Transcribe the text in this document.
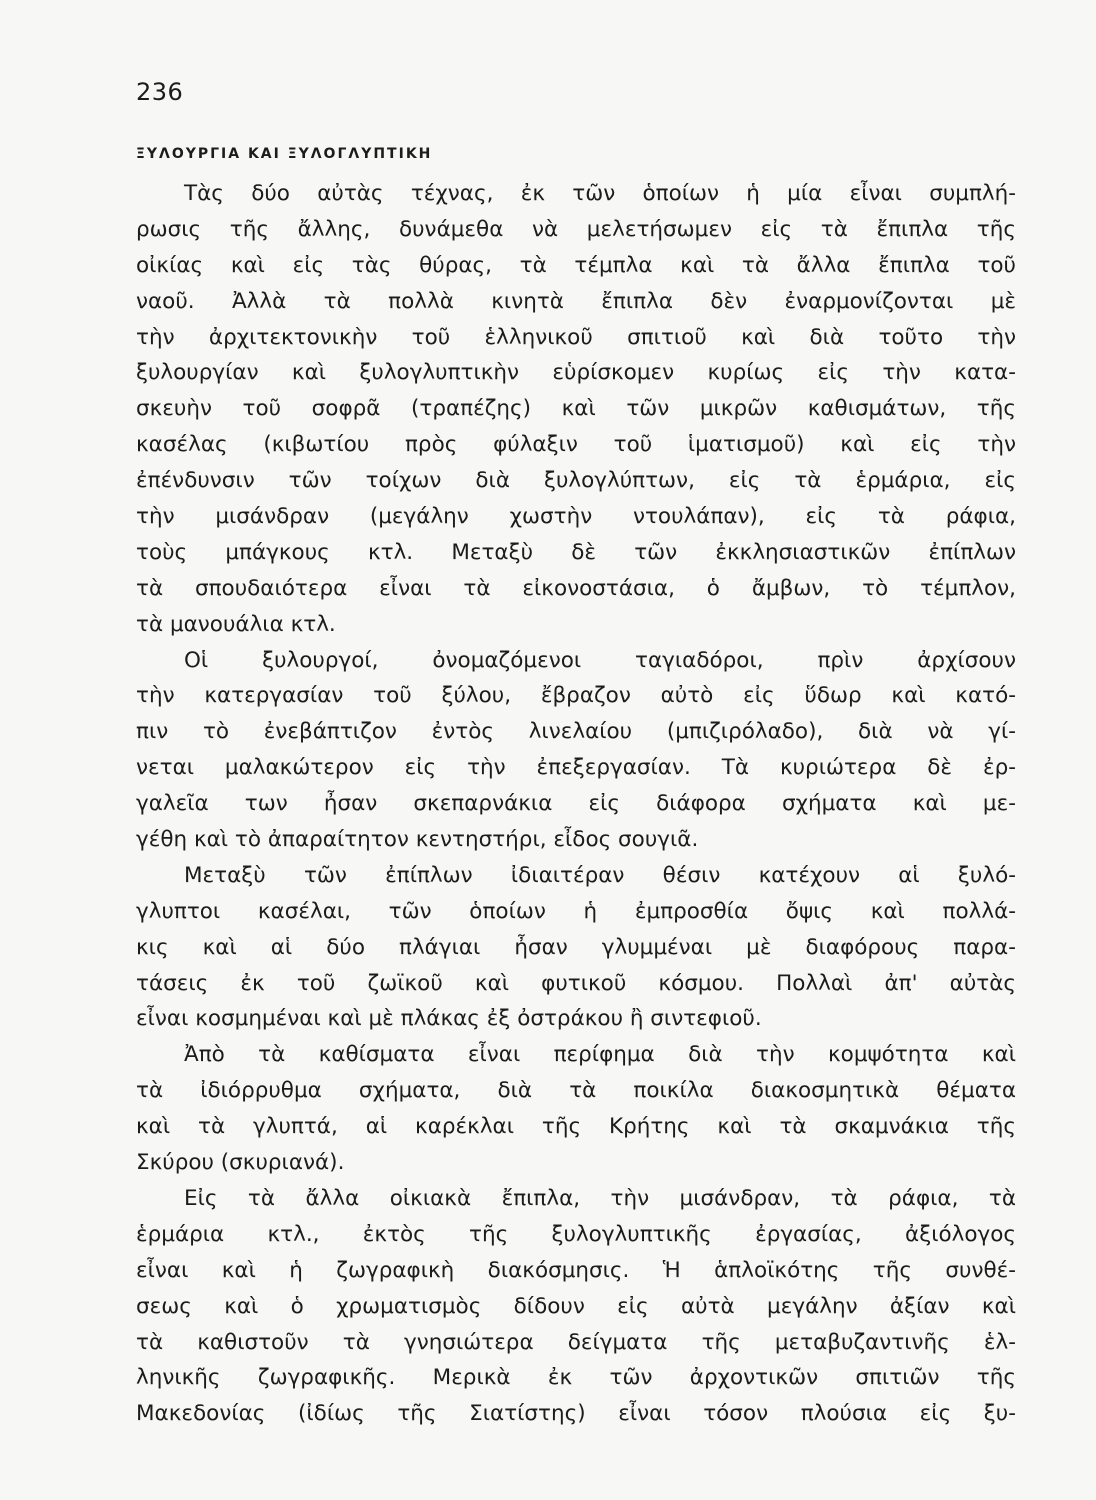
236
ΞΥΛΟΥΡΓΙΑ ΚΑΙ ΞΥΛΟΓΛΥΠΤΙΚΗ
Τὰς δύο αὐτὰς τέχνας, ἐκ τῶν ὁποίων ἡ μία εἶναι συμπλή-
ρωσις τῆς ἄλλης, δυνάμεθα νὰ μελετήσωμεν εἰς τὰ ἔπιπλα τῆς
οἰκίας καὶ εἰς τὰς θύρας, τὰ τέμπλα καὶ τὰ ἄλλα ἔπιπλα τοῦ
ναοῦ. Ἀλλὰ τὰ πολλὰ κινητὰ ἔπιπλα δὲν ἐναρμονίζονται μὲ
τὴν ἀρχιτεκτονικὴν τοῦ ἑλληνικοῦ σπιτιοῦ καὶ διὰ τοῦτο τὴν
ξυλουργίαν καὶ ξυλογλυπτικὴν εὑρίσκομεν κυρίως εἰς τὴν κατα-
σκευὴν τοῦ σοφρᾶ (τραπέζης) καὶ τῶν μικρῶν καθισμάτων, τῆς
κασέλας (κιβωτίου πρὸς φύλαξιν τοῦ ἱματισμοῦ) καὶ εἰς τὴν
ἐπένδυνσιν τῶν τοίχων διὰ ξυλογλύπτων, εἰς τὰ ἑρμάρια, εἰς
τὴν μισάνδραν (μεγάλην χωστὴν ντουλάπαν), εἰς τὰ ράφια,
τοὺς μπάγκους κτλ. Μεταξὺ δὲ τῶν ἐκκλησιαστικῶν ἐπίπλων
τὰ σπουδαιότερα εἶναι τὰ εἰκονοστάσια, ὁ ἄμβων, τὸ τέμπλον,
τὰ μανουάλια κτλ.
Οἱ ξυλουργοί, ὀνομαζόμενοι ταγιαδόροι, πρὶν ἀρχίσουν
τὴν κατεργασίαν τοῦ ξύλου, ἔβραζον αὐτὸ εἰς ὕδωρ καὶ κατό-
πιν τὸ ἐνεβάπτιζον ἐντὸς λινελαίου (μπιζιρόλαδο), διὰ νὰ γί-
νεται μαλακώτερον εἰς τὴν ἐπεξεργασίαν. Τὰ κυριώτερα δὲ ἐρ-
γαλεῖα των ἦσαν σκεπαρνάκια εἰς διάφορα σχήματα καὶ με-
γέθη καὶ τὸ ἀπαραίτητον κεντηστήρι, εἶδος σουγιᾶ.
Μεταξὺ τῶν ἐπίπλων ἰδιαιτέραν θέσιν κατέχουν αἱ ξυλό-
γλυπτοι κασέλαι, τῶν ὁποίων ἡ ἐμπροσθία ὄψις καὶ πολλά-
κις καὶ αἱ δύο πλάγιαι ἦσαν γλυμμέναι μὲ διαφόρους παρα-
τάσεις ἐκ τοῦ ζωϊκοῦ καὶ φυτικοῦ κόσμου. Πολλαὶ ἀπ' αὐτὰς
εἶναι κοσμημέναι καὶ μὲ πλάκας ἐξ ὀστράκου ἢ σιντεφιοῦ.
Ἀπὸ τὰ καθίσματα εἶναι περίφημα διὰ τὴν κομψότητα καὶ
τὰ ἰδιόρρυθμα σχήματα, διὰ τὰ ποικίλα διακοσμητικὰ θέματα
καὶ τὰ γλυπτά, αἱ καρέκλαι τῆς Κρήτης καὶ τὰ σκαμνάκια τῆς
Σκύρου (σκυριανά).
Εἰς τὰ ἄλλα οἰκιακὰ ἔπιπλα, τὴν μισάνδραν, τὰ ράφια, τὰ
ἑρμάρια κτλ., ἐκτὸς τῆς ξυλογλυπτικῆς ἐργασίας, ἀξιόλογος
εἶναι καὶ ἡ ζωγραφικὴ διακόσμησις. Ἡ ἁπλοϊκότης τῆς συνθέ-
σεως καὶ ὁ χρωματισμὸς δίδουν εἰς αὐτὰ μεγάλην ἀξίαν καὶ
τὰ καθιστοῦν τὰ γνησιώτερα δείγματα τῆς μεταβυζαντινῆς ἑλ-
ληνικῆς ζωγραφικῆς. Μερικὰ ἐκ τῶν ἀρχοντικῶν σπιτιῶν τῆς
Μακεδονίας (ἰδίως τῆς Σιατίστης) εἶναι τόσον πλούσια εἰς ξυ-
